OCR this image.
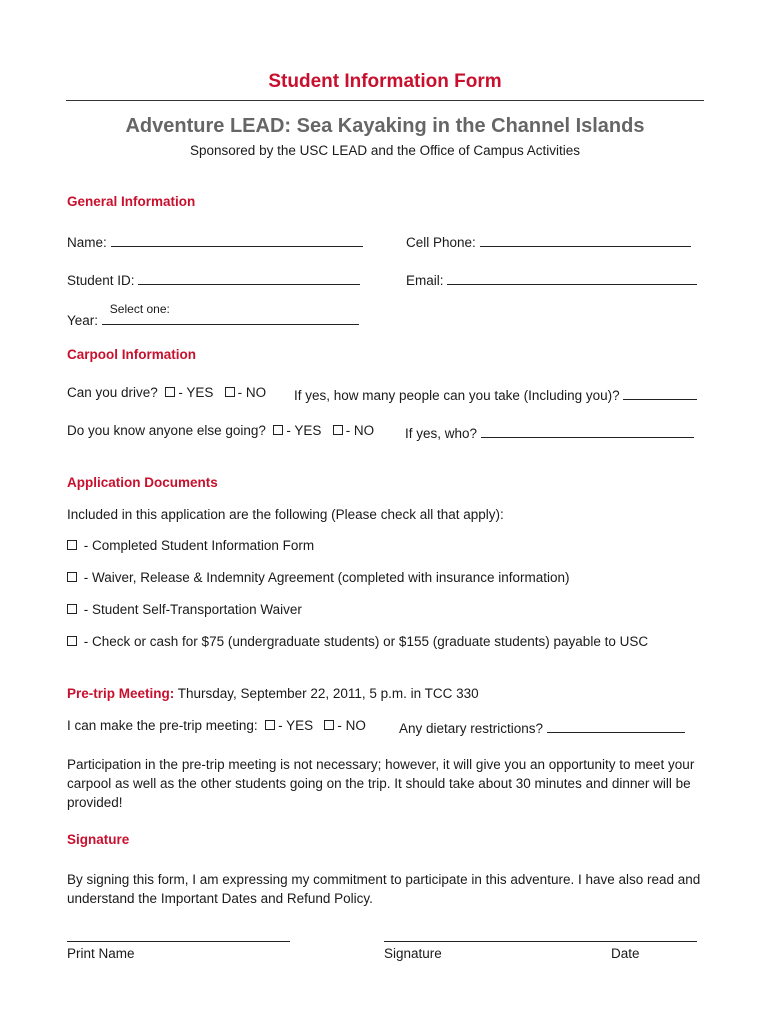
Student Information Form
Adventure LEAD: Sea Kayaking in the Channel Islands
Sponsored by the USC LEAD and the Office of Campus Activities
General Information
Name:	Cell Phone:
Student ID:	Email:
Year:
Select one:
Carpool Information
Can you drive? - YES - NO If yes, how many people can you take (Including you)?
Do you know anyone else going? - YES - NO If yes, who?
Application Documents
Included in this application are the following (Please check all that apply):
- Completed Student Information Form
- Waiver, Release & Indemnity Agreement (completed with insurance information)
- Student Self-Transportation Waiver
- Check or cash for $75 (undergraduate students) or $155 (graduate students) payable to USC
Pre-trip Meeting: Thursday, September 22, 2011, 5 p.m. in TCC 330
I can make the pre-trip meeting: - YES - NO Any dietary restrictions?
Participation in the pre-trip meeting is not necessary; however, it will give you an opportunity to meet your carpool as well as the other students going on the trip. It should take about 30 minutes and dinner will be provided!
Signature
By signing this form, I am expressing my commitment to participate in this adventure. I have also read and understand the Important Dates and Refund Policy.
Print Name	Signature	Date
